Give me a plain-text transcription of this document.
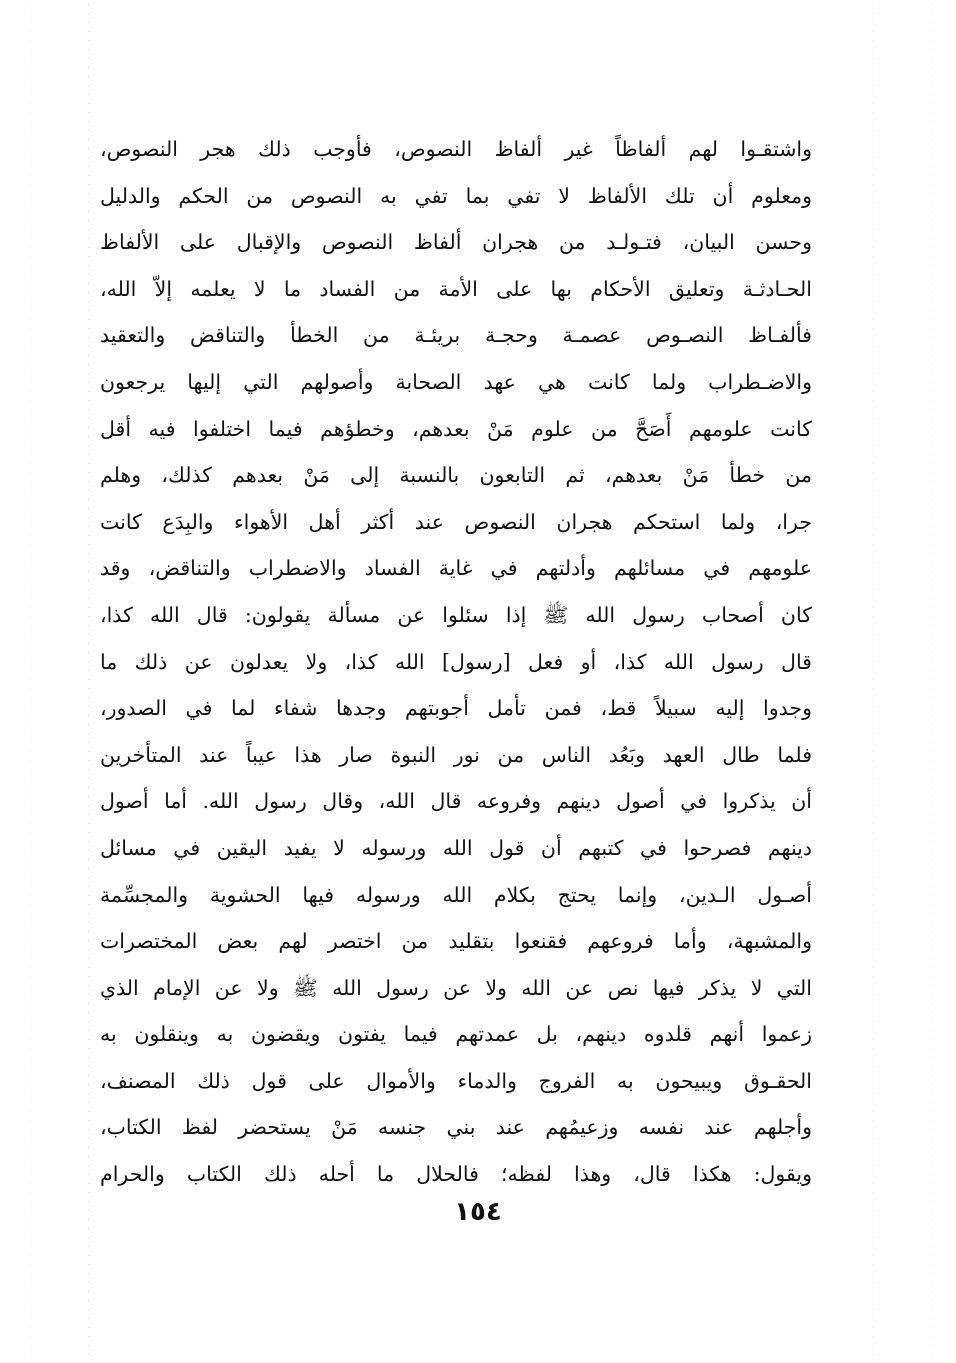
واشتقـوا لهم ألفاظاً غير ألفاظ النصوص، فأوجب ذلك هجر النصوص،
ومعلوم أن تلك الألفاظ لا تفي بما تفي به النصوص من الحكم والدليل
وحسن البيان، فتـولـد من هجران ألفاظ النصوص والإقبال على الألفاظ
الحـادثـة وتعليق الأحكام بها على الأمة من الفساد ما لا يعلمه إلاّ الله،
فألفـاظ النصـوص عصمـة وحجـة بريئـة من الخطأ والتناقض والتعقيد
والاضـطراب ولما كانت هي عهد الصحابة وأصولهم التي إليها يرجعون
كانت علومهم أَصَحَّ من علوم مَنْ بعدهم، وخطؤهم فيما اختلفوا فيه أقل
من خطأ مَنْ بعدهم، ثم التابعون بالنسبة إلى مَنْ بعدهم كذلك، وهلم
جرا، ولما استحكم هجران النصوص عند أكثر أهل الأهواء والبِدَع كانت
علومهم في مسائلهم وأدلتهم في غاية الفساد والاضطراب والتناقض، وقد
كان أصحاب رسول الله ﷺ إذا سئلوا عن مسألة يقولون: قال الله كذا،
قال رسول الله كذا، أو فعل [رسول] الله كذا، ولا يعدلون عن ذلك ما
وجدوا إليه سبيلاً قط، فمن تأمل أجوبتهم وجدها شفاء لما في الصدور،
فلما طال العهد وبَعُد الناس من نور النبوة صار هذا عيباً عند المتأخرين
أن يذكروا في أصول دينهم وفروعه قال الله، وقال رسول الله. أما أصول
دينهم فصرحوا في كتبهم أن قول الله ورسوله لا يفيد اليقين في مسائل
أصـول الـدين، وإنما يحتج بكلام الله ورسوله فيها الحشوية والمجسِّمة
والمشبهة، وأما فروعهم فقنعوا بتقليد من اختصر لهم بعض المختصرات
التي لا يذكر فيها نص عن الله ولا عن رسول الله ﷺ ولا عن الإمام الذي
زعموا أنهم قلدوه دينهم، بل عمدتهم فيما يفتون ويقضون به وينقلون به
الحقـوق ويبيحون به الفروج والدماء والأموال على قول ذلك المصنف،
وأجلهم عند نفسه وزعيمُهم عند بني جنسه مَنْ يستحضر لفظ الكتاب،
ويقول: هكذا قال، وهذا لفظه؛ فالحلال ما أحله ذلك الكتاب والحرام
١٥٤
